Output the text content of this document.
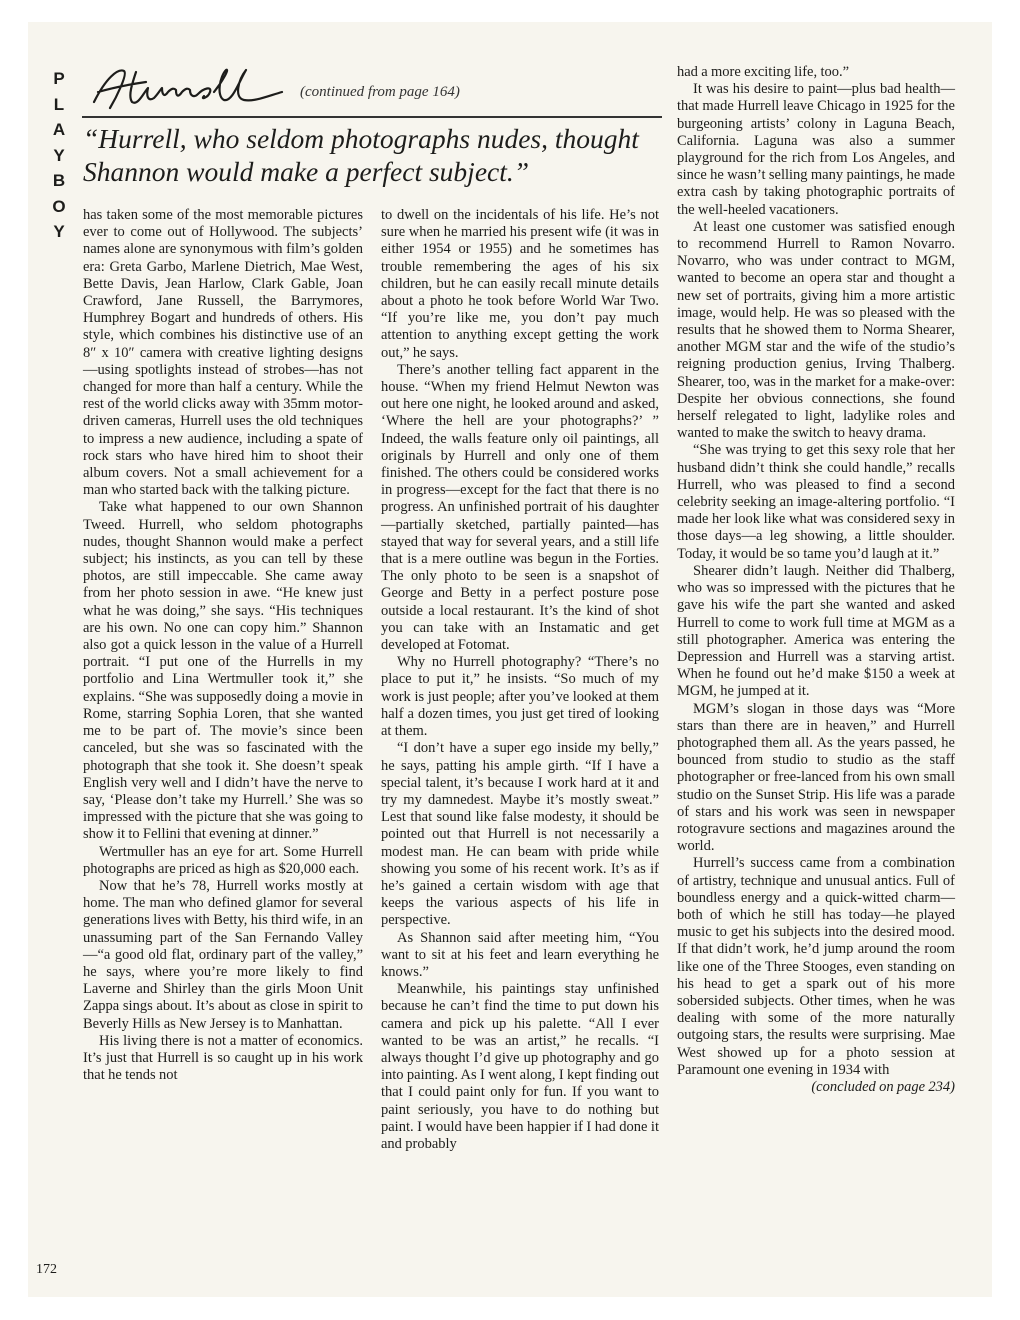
P
L
A
Y
B
O
Y
(continued from page 164)
“Hurrell, who seldom photographs nudes, thought Shannon would make a perfect subject.”

has taken some of the most memorable pictures ever to come out of Hollywood. The subjects’ names alone are synonymous with film’s golden era: Greta Garbo, Marlene Dietrich, Mae West, Bette Davis, Jean Harlow, Clark Gable, Joan Crawford, Jane Russell, the Barrymores, Humphrey Bogart and hundreds of others. His style, which combines his distinctive use of an 8″ x 10″ camera with creative lighting designs—using spotlights instead of strobes—has not changed for more than half a century. While the rest of the world clicks away with 35mm motor-driven cameras, Hurrell uses the old techniques to impress a new audience, including a spate of rock stars who have hired him to shoot their album covers. Not a small achievement for a man who started back with the talking picture.

Take what happened to our own Shannon Tweed. Hurrell, who seldom photographs nudes, thought Shannon would make a perfect subject; his instincts, as you can tell by these photos, are still impeccable. She came away from her photo session in awe. “He knew just what he was doing,” she says. “His techniques are his own. No one can copy him.” Shannon also got a quick lesson in the value of a Hurrell portrait. “I put one of the Hurrells in my portfolio and Lina Wertmuller took it,” she explains. “She was supposedly doing a movie in Rome, starring Sophia Loren, that she wanted me to be part of. The movie’s since been canceled, but she was so fascinated with the photograph that she took it. She doesn’t speak English very well and I didn’t have the nerve to say, ‘Please don’t take my Hurrell.’ She was so impressed with the picture that she was going to show it to Fellini that evening at dinner.”

Wertmuller has an eye for art. Some Hurrell photographs are priced as high as $20,000 each.

Now that he’s 78, Hurrell works mostly at home. The man who defined glamor for several generations lives with Betty, his third wife, in an unassuming part of the San Fernando Valley—“a good old flat, ordinary part of the valley,” he says, where you’re more likely to find Laverne and Shirley than the girls Moon Unit Zappa sings about. It’s about as close in spirit to Beverly Hills as New Jersey is to Manhattan.

His living there is not a matter of economics. It’s just that Hurrell is so caught up in his work that he tends not

to dwell on the incidentals of his life. He’s not sure when he married his present wife (it was in either 1954 or 1955) and he sometimes has trouble remembering the ages of his six children, but he can easily recall minute details about a photo he took before World War Two. “If you’re like me, you don’t pay much attention to anything except getting the work out,” he says.

There’s another telling fact apparent in the house. “When my friend Helmut Newton was out here one night, he looked around and asked, ‘Where the hell are your photographs?’ ” Indeed, the walls feature only oil paintings, all originals by Hurrell and only one of them finished. The others could be considered works in progress—except for the fact that there is no progress. An unfinished portrait of his daughter—partially sketched, partially painted—has stayed that way for several years, and a still life that is a mere outline was begun in the Forties. The only photo to be seen is a snapshot of George and Betty in a perfect posture pose outside a local restaurant. It’s the kind of shot you can take with an Instamatic and get developed at Fotomat.

Why no Hurrell photography? “There’s no place to put it,” he insists. “So much of my work is just people; after you’ve looked at them half a dozen times, you just get tired of looking at them.

“I don’t have a super ego inside my belly,” he says, patting his ample girth. “If I have a special talent, it’s because I work hard at it and try my damnedest. Maybe it’s mostly sweat.” Lest that sound like false modesty, it should be pointed out that Hurrell is not necessarily a modest man. He can beam with pride while showing you some of his recent work. It’s as if he’s gained a certain wisdom with age that keeps the various aspects of his life in perspective.

As Shannon said after meeting him, “You want to sit at his feet and learn everything he knows.”

Meanwhile, his paintings stay unfinished because he can’t find the time to put down his camera and pick up his palette. “All I ever wanted to be was an artist,” he recalls. “I always thought I’d give up photography and go into painting. As I went along, I kept finding out that I could paint only for fun. If you want to paint seriously, you have to do nothing but paint. I would have been happier if I had done it and probably

had a more exciting life, too.”

It was his desire to paint—plus bad health—that made Hurrell leave Chicago in 1925 for the burgeoning artists’ colony in Laguna Beach, California. Laguna was also a summer playground for the rich from Los Angeles, and since he wasn’t selling many paintings, he made extra cash by taking photographic portraits of the well-heeled vacationers.

At least one customer was satisfied enough to recommend Hurrell to Ramon Novarro. Novarro, who was under contract to MGM, wanted to become an opera star and thought a new set of portraits, giving him a more artistic image, would help. He was so pleased with the results that he showed them to Norma Shearer, another MGM star and the wife of the studio’s reigning production genius, Irving Thalberg. Shearer, too, was in the market for a make-over: Despite her obvious connections, she found herself relegated to light, ladylike roles and wanted to make the switch to heavy drama.

“She was trying to get this sexy role that her husband didn’t think she could handle,” recalls Hurrell, who was pleased to find a second celebrity seeking an image-altering portfolio. “I made her look like what was considered sexy in those days—a leg showing, a little shoulder. Today, it would be so tame you’d laugh at it.”

Shearer didn’t laugh. Neither did Thalberg, who was so impressed with the pictures that he gave his wife the part she wanted and asked Hurrell to come to work full time at MGM as a still photographer. America was entering the Depression and Hurrell was a starving artist. When he found out he’d make $150 a week at MGM, he jumped at it.

MGM’s slogan in those days was “More stars than there are in heaven,” and Hurrell photographed them all. As the years passed, he bounced from studio to studio as the staff photographer or free-lanced from his own small studio on the Sunset Strip. His life was a parade of stars and his work was seen in newspaper rotogravure sections and magazines around the world.

Hurrell’s success came from a combination of artistry, technique and unusual antics. Full of boundless energy and a quick-witted charm—both of which he still has today—he played music to get his subjects into the desired mood. If that didn’t work, he’d jump around the room like one of the Three Stooges, even standing on his head to get a spark out of his more sobersided subjects. Other times, when he was dealing with some of the more naturally outgoing stars, the results were surprising. Mae West showed up for a photo session at Paramount one evening in 1934 with

(concluded on page 234)

172
